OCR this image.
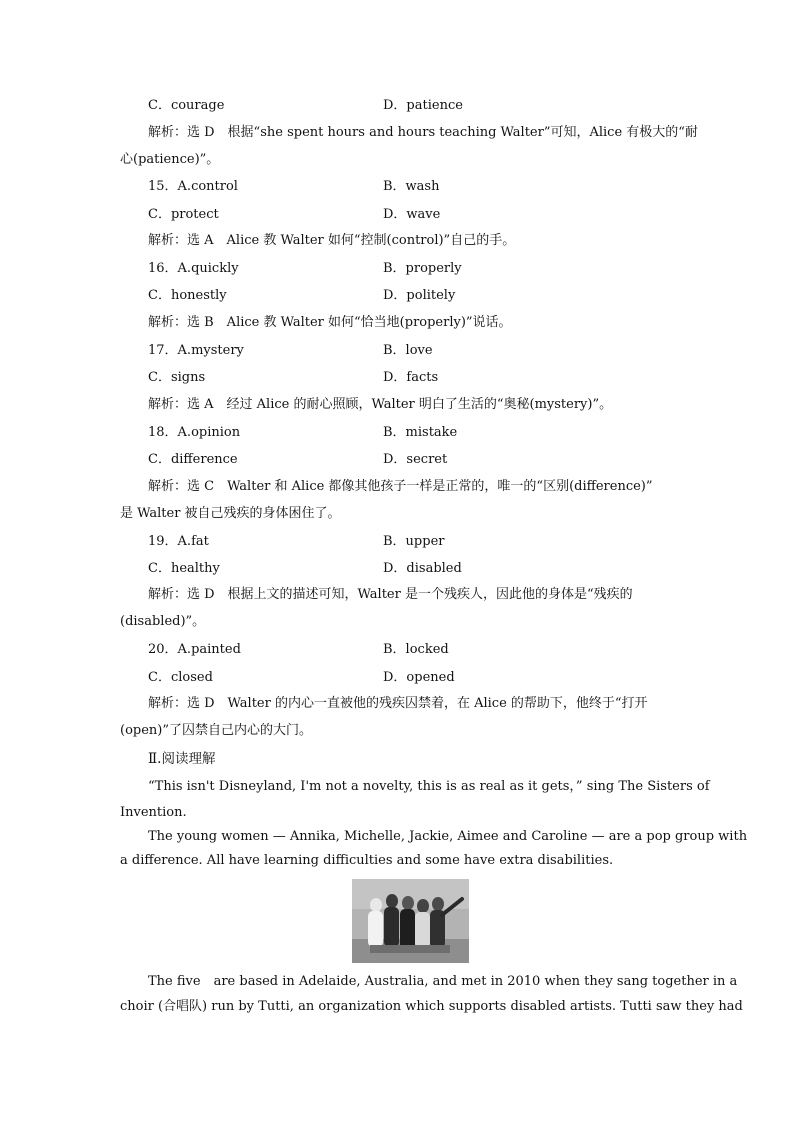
C．courage	D．patience
解析：选 D　根据“she spent hours and hours teaching Walter”可知，Alice 有极大的“耐
心(patience)”。
15．A.control	B．wash
C．protect	D．wave
解析：选 A　Alice 教 Walter 如何“控制(control)”自己的手。
16．A.quickly	B．properly
C．honestly	D．politely
解析：选 B　Alice 教 Walter 如何“恰当地(properly)”说话。
17．A.mystery	B．love
C．signs	D．facts
解析：选 A　经过 Alice 的耐心照顾，Walter 明白了生活的“奥秘(mystery)”。
18．A.opinion	B．mistake
C．difference	D．secret
解析：选 C　Walter 和 Alice 都像其他孩子一样是正常的，唯一的“区别(difference)”
是 Walter 被自己残疾的身体困住了。
19．A.fat	B．upper
C．healthy	D．disabled
解析：选 D　根据上文的描述可知，Walter 是一个残疾人，因此他的身体是“残疾的
(disabled)”。
20．A.painted	B．locked
C．closed	D．opened
解析：选 D　Walter 的内心一直被他的残疾囚禁着，在 Alice 的帮助下，他终于“打开
(open)”了囚禁自己内心的大门。
Ⅱ.阅读理解
“This isn't Disneyland, I'm not a novelty, this is as real as it gets，” sing The Sisters of
Invention.
The young women — Annika, Michelle, Jackie, Aimee and Caroline — are a pop group with
a difference. All have learning difficulties and some have extra disabilities.
The five　are based in Adelaide, Australia, and met in 2010 when they sang together in a
choir (合唱队) run by Tutti, an organization which supports disabled artists. Tutti saw they had
